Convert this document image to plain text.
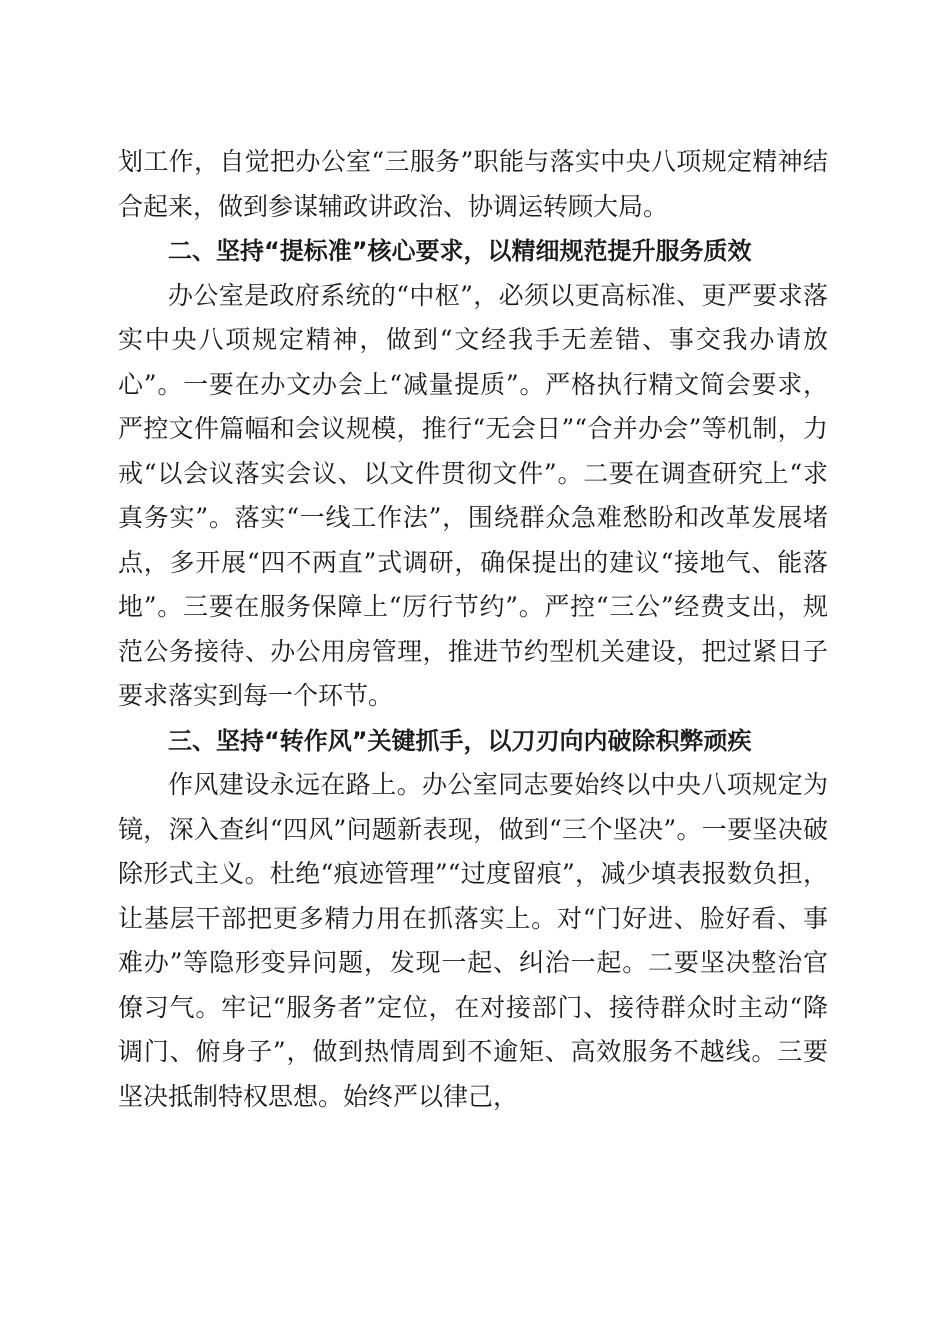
划工作，自觉把办公室“三服务”职能与落实中央八项规定精神结合起来，做到参谋辅政讲政治、协调运转顾大局。

二、坚持“提标准”核心要求，以精细规范提升服务质效

办公室是政府系统的“中枢”，必须以更高标准、更严要求落实中央八项规定精神，做到“文经我手无差错、事交我办请放心”。一要在办文办会上“减量提质”。严格执行精文简会要求，严控文件篇幅和会议规模，推行“无会日”“合并办会”等机制，力戒“以会议落实会议、以文件贯彻文件”。二要在调查研究上“求真务实”。落实“一线工作法”，围绕群众急难愁盼和改革发展堵点，多开展“四不两直”式调研，确保提出的建议“接地气、能落地”。三要在服务保障上“厉行节约”。严控“三公”经费支出，规范公务接待、办公用房管理，推进节约型机关建设，把过紧日子要求落实到每一个环节。

三、坚持“转作风”关键抓手，以刀刃向内破除积弊顽疾

作风建设永远在路上。办公室同志要始终以中央八项规定为镜，深入查纠“四风”问题新表现，做到“三个坚决”。一要坚决破除形式主义。杜绝“痕迹管理”“过度留痕”，减少填表报数负担，让基层干部把更多精力用在抓落实上。对“门好进、脸好看、事难办”等隐形变异问题，发现一起、纠治一起。二要坚决整治官僚习气。牢记“服务者”定位，在对接部门、接待群众时主动“降调门、俯身子”，做到热情周到不逾矩、高效服务不越线。三要坚决抵制特权思想。始终严以律己，
